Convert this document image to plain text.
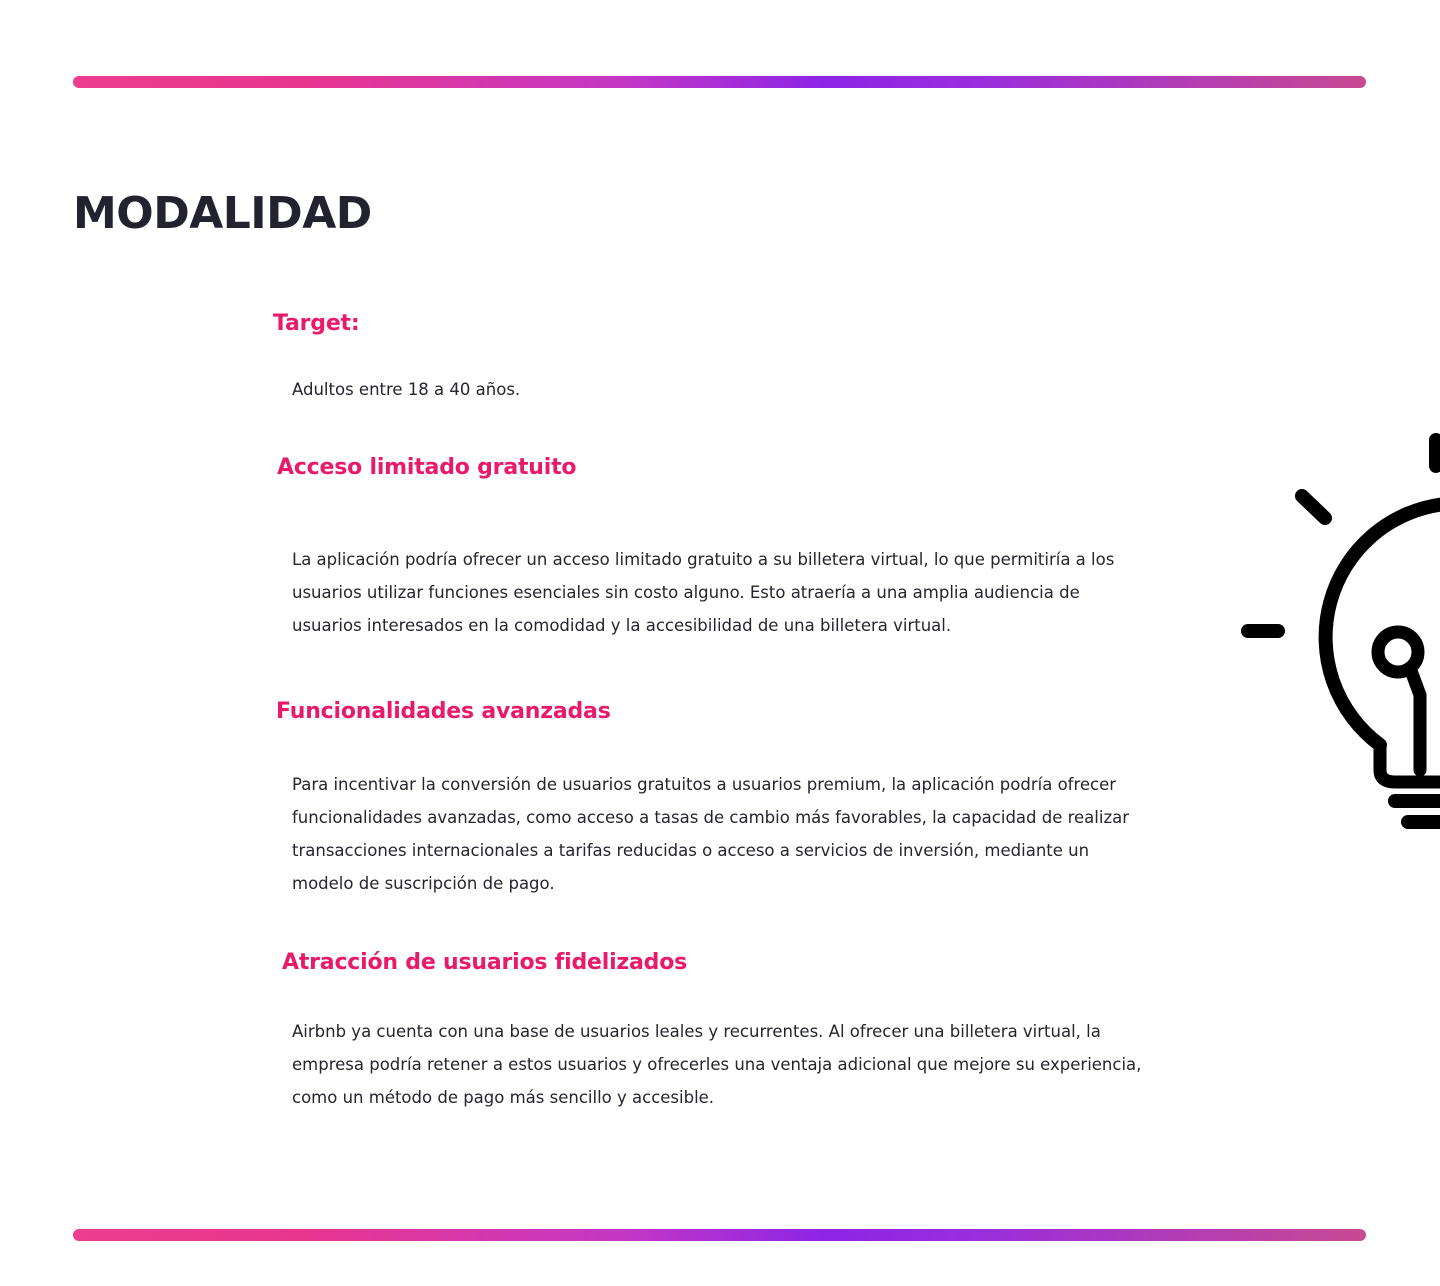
MODALIDAD
Target:

Adultos entre 18 a 40 años.

Acceso limitado gratuito

La aplicación podría ofrecer un acceso limitado gratuito a su billetera virtual, lo que permitiría a los usuarios utilizar funciones esenciales sin costo alguno. Esto atraería a una amplia audiencia de usuarios interesados en la comodidad y la accesibilidad de una billetera virtual.

Funcionalidades avanzadas

Para incentivar la conversión de usuarios gratuitos a usuarios premium, la aplicación podría ofrecer funcionalidades avanzadas, como acceso a tasas de cambio más favorables, la capacidad de realizar transacciones internacionales a tarifas reducidas o acceso a servicios de inversión, mediante un modelo de suscripción de pago.

Atracción de usuarios fidelizados

Airbnb ya cuenta con una base de usuarios leales y recurrentes. Al ofrecer una billetera virtual, la empresa podría retener a estos usuarios y ofrecerles una ventaja adicional que mejore su experiencia, como un método de pago más sencillo y accesible.
